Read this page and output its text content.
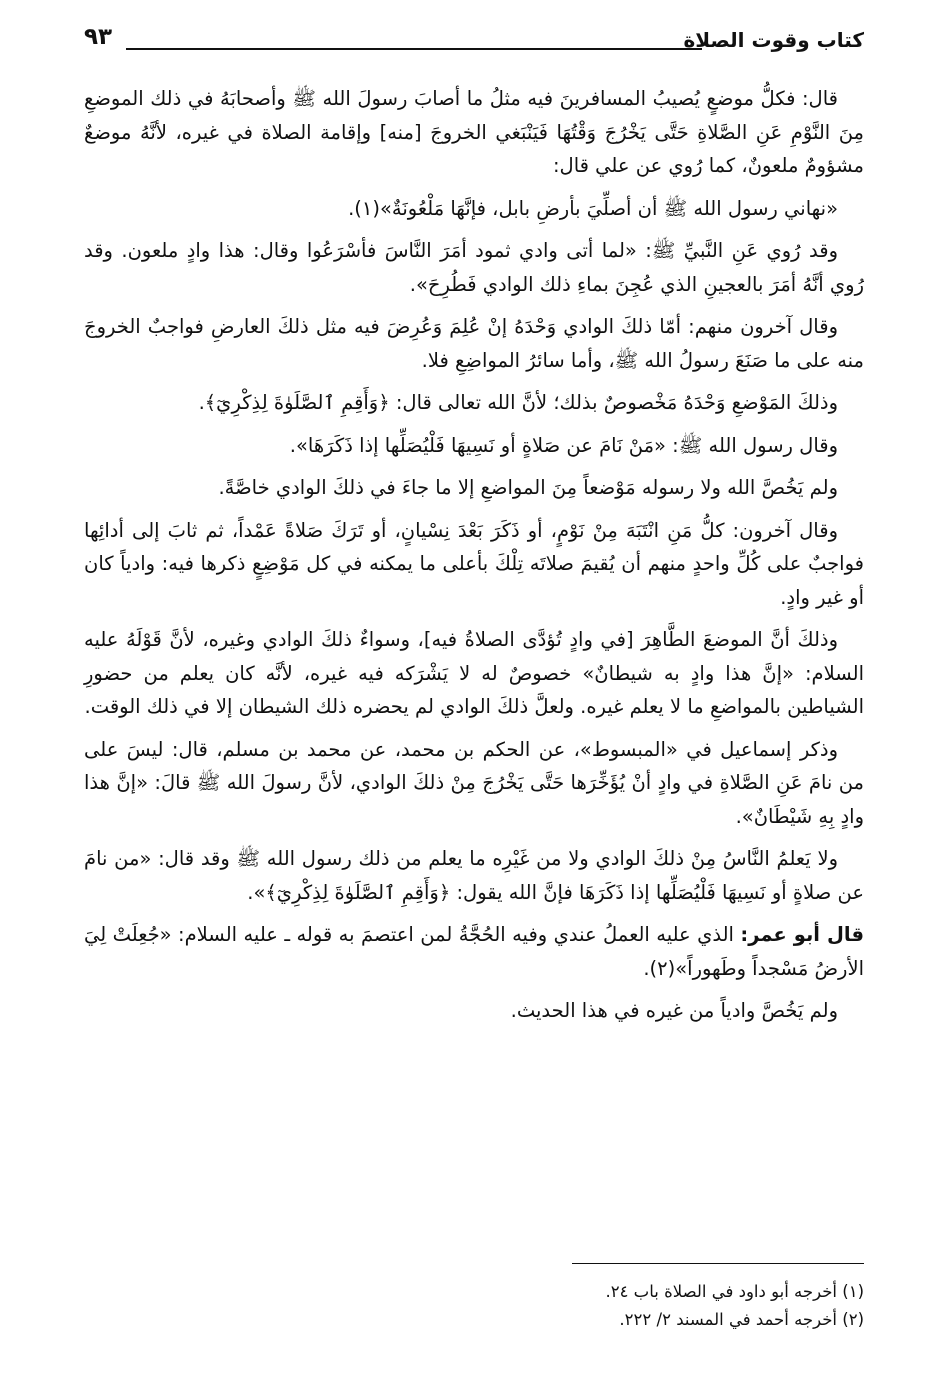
كتاب وقوت الصلاة
٩٣

قال: فكلُّ موضعٍ يُصيبُ المسافرينَ فيه مثلُ ما أصابَ رسولَ الله ﷺ وأصحابَهُ في ذلك الموضعِ مِنَ النَّوْمِ عَنِ الصَّلاةِ حَتَّى يَخْرُجَ وَقْتُهَا فَيَنْبَغي الخروجَ [منه] وإقامة الصلاة في غيره، لأنَّهُ موضعٌ مشؤومٌ ملعونٌ، كما رُوي عن علي قال:

«نهاني رسول الله ﷺ أن أصلِّيَ بأرضِ بابل، فإنَّهَا مَلْعُونَةٌ»(١).

وقد رُوي عَنِ النَّبيِّ ﷺ: «لما أتى وادي ثمود أمَرَ النَّاسَ فأسْرَعُوا وقال: هذا وادٍ ملعون. وقد رُوي أنَّهُ أمَرَ بالعجينِ الذي عُجِنَ بماءِ ذلك الوادي فَطُرِحَ».

وقال آخرون منهم: أمّا ذلكَ الوادي وَحْدَهُ إنْ عُلِمَ وَعُرِضَ فيه مثل ذلكَ العارضِ فواجبٌ الخروجَ منه على ما صَنَعَ رسولُ الله ﷺ، وأما سائرُ المواضِعِ فلا.

وذلكَ المَوْضعِ وَحْدَهُ مَخْصوصٌ بذلك؛ لأنَّ الله تعالى قال: ﴿وَأَقِمِ ٱلصَّلَوٰةَ لِذِكْرِيٓ﴾.

وقال رسول الله ﷺ: «مَنْ نَامَ عن صَلاةٍ أو نَسِيهَا فَلْيُصَلِّها إذا ذَكَرَهَا».

ولم يَخُصَّ الله ولا رسوله مَوْضعاً مِنَ المواضعِ إلا ما جاءَ في ذلكَ الوادي خاصَّةً.

وقال آخرون: كلُّ مَنِ انْتَبَهَ مِنْ نَوْمٍ، أو ذَكَرَ بَعْدَ نِسْيانٍ، أو تَرَكَ صَلاةً عَمْداً، ثم ثابَ إلى أدائِها فواجبٌ على كُلِّ واحدٍ منهم أن يُقيمَ صلاتَه تِلْكَ بأعلى ما يمكنه في كل مَوْضِعٍ ذكرها فيه: وادياً كان أو غير وادٍ.

وذلكَ أنَّ الموضعَ الطَّاهِرَ [في وادٍ تُؤدَّى الصلاةُ فيه]، وسواءٌ ذلكَ الوادي وغيره، لأنَّ قَوْلَهُ عليه السلام: «إنَّ هذا وادٍ به شيطانٌ» خصوصٌ له لا يَشْرَكه فيه غيره، لأنَّه كان يعلم من حضورِ الشياطين بالمواضعِ ما لا يعلم غيره. ولعلَّ ذلكَ الوادي لم يحضره ذلك الشيطان إلا في ذلك الوقت.

وذكر إسماعيل في «المبسوط»، عن الحكم بن محمد، عن محمد بن مسلم، قال: ليسَ على من نامَ عَنِ الصَّلاةِ في وادٍ أنْ يُؤَخِّرَها حَتَّى يَخْرُجَ مِنْ ذلكَ الوادي، لأنَّ رسولَ الله ﷺ قالَ: «إنَّ هذا وادٍ بِهِ شَيْطَانٌ».

ولا يَعلمُ النَّاسُ مِنْ ذلكَ الوادي ولا من غَيْرِه ما يعلم من ذلك رسول الله ﷺ وقد قال: «من نامَ عن صلاةٍ أو نَسِيهَا فَلْيُصَلِّها إذا ذَكَرَهَا فإنَّ الله يقول: ﴿وَأَقِمِ ٱلصَّلَوٰةَ لِذِكْرِيٓ﴾».

قال أبو عمر: الذي عليه العملُ عندي وفيه الحُجَّةُ لمن اعتصمَ به قوله ـ عليه السلام: «جُعِلَتْ لِيَ الأرضُ مَسْجداً وطَهوراً»(٢).

ولم يَخُصَّ وادياً من غيره في هذا الحديث.

(١) أخرجه أبو داود في الصلاة باب ٢٤.
(٢) أخرجه أحمد في المسند ٢/ ٢٢٢.
